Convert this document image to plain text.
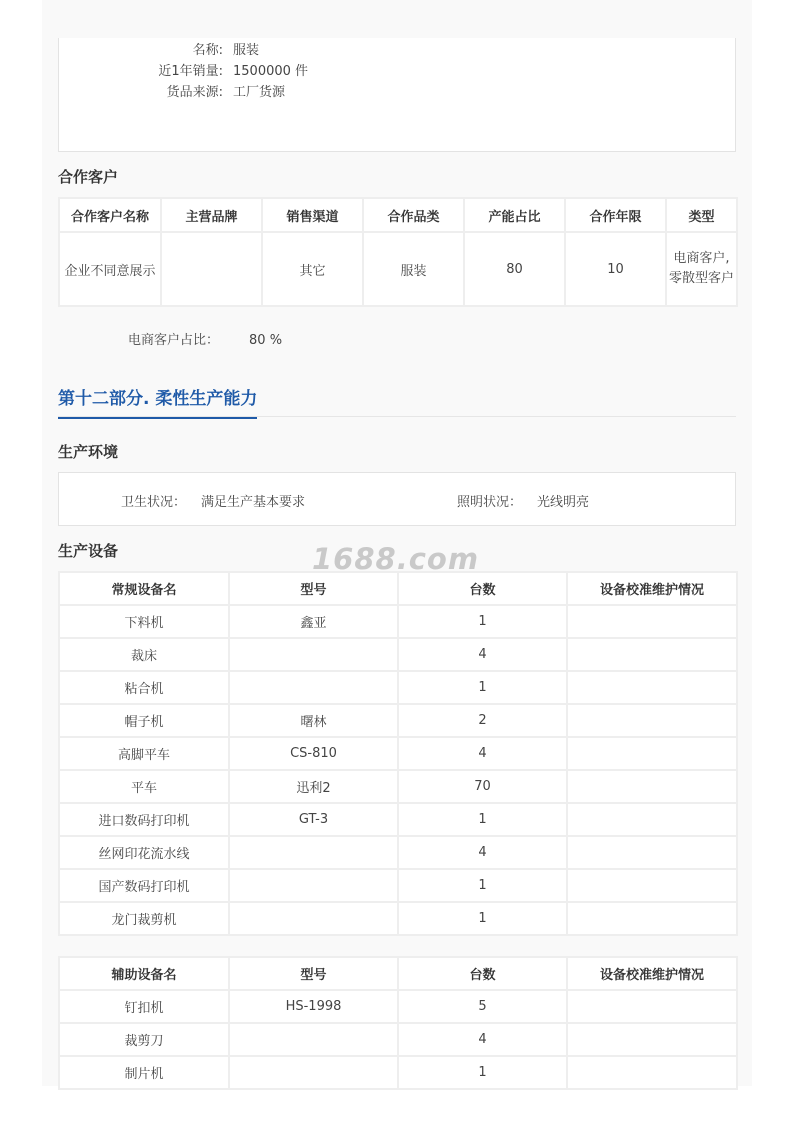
名称: 服装
近1年销量: 1500000 件
货品来源: 工厂货源
合作客户
合作客户名称	主营品牌	销售渠道	合作品类	产能占比	合作年限	类型
企业不同意展示		其它	服装	80	10	电商客户,零散型客户
电商客户占比： 80 %
第十二部分. 柔性生产能力
生产环境
卫生状况： 满足生产基本要求	照明状况： 光线明亮
生产设备
常规设备名	型号	台数	设备校准维护情况
下料机	鑫亚	1	
裁床		4	
粘合机		1	
帽子机	曙林	2	
高脚平车	CS-810	4	
平车	迅利2	70	
进口数码打印机	GT-3	1	
丝网印花流水线		4	
国产数码打印机		1	
龙门裁剪机		1	
辅助设备名	型号	台数	设备校准维护情况
钉扣机	HS-1998	5	
裁剪刀		4	
制片机		1	
1688.com
